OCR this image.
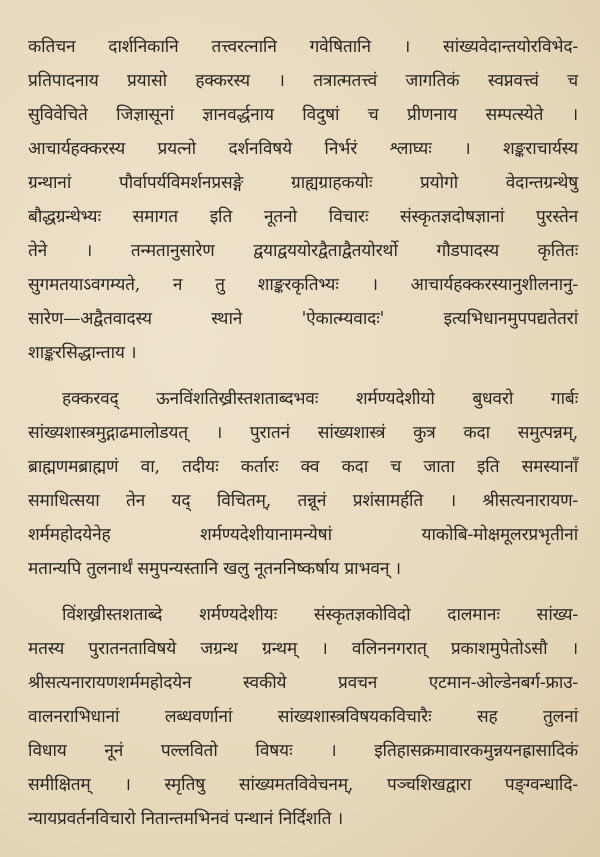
कतिचन दार्शनिकानि तत्त्वरत्नानि गवेषितानि । सांख्यवेदान्तयोरविभेद-
प्रतिपादनाय प्रयासो हक्करस्य । तत्रात्मतत्त्वं जागतिकं स्वप्नवत्त्वं च
सुविवेचिते जिज्ञासूनां ज्ञानवर्द्धनाय विदुषां च प्रीणनाय सम्पत्स्येते ।
आचार्यहक्करस्य प्रयत्नो दर्शनविषये निर्भरं श्लाघ्यः । शङ्कराचार्यस्य
ग्रन्थानां पौर्वापर्यविमर्शनप्रसङ्गे ग्राह्यग्राहकयोः प्रयोगो वेदान्तग्रन्थेषु
बौद्धग्रन्थेभ्यः समागत इति नूतनो विचारः संस्कृतज्ञदोषज्ञानां पुरस्तेन
तेने । तन्मतानुसारेण द्वयाद्वययोरद्वैताद्वैतयोरर्थो गौडपादस्य कृतितः
सुगमतयाऽवगम्यते, न तु शाङ्करकृतिभ्यः । आचार्यहक्करस्यानुशीलनानु-
सारेण—अद्वैतवादस्य स्थाने 'ऐकात्म्यवादः' इत्यभिधानमुपपद्यतेतरां
शाङ्करसिद्धान्ताय ।
हक्करवद् ऊनविंशतिख्रीस्तशताब्दभवः शर्मण्यदेशीयो बुधवरो गार्बः
सांख्यशास्त्रमुद्गाढमालोडयत् । पुरातनं सांख्यशास्त्रं कुत्र कदा समुत्पन्नम्,
ब्राह्मणमब्राह्मणं वा, तदीयः कर्तारः क्व कदा च जाता इति समस्यानाँ
समाधित्सया तेन यद् विचितम्, तन्नूनं प्रशंसामर्हति । श्रीसत्यनारायण-
शर्ममहोदयेनेह शर्मण्यदेशीयानामन्येषां याकोबि-मोक्षमूलरप्रभृतीनां
मतान्यपि तुलनार्थं समुपन्यस्तानि खलु नूतननिष्कर्षाय प्राभवन् ।
विंशख्रीस्तशताब्दे शर्मण्यदेशीयः संस्कृतज्ञकोविदो दालमानः सांख्य-
मतस्य पुरातनताविषये जग्रन्थ ग्रन्थम् । वलिननगरात् प्रकाशमुपेतोऽसौ ।
श्रीसत्यनारायणशर्ममहोदयेन स्वकीये प्रवचन एटमान-ओल्डेनबर्ग-फ्राउ-
वालनराभिधानां लब्धवर्णानां सांख्यशास्त्रविषयकविचारैः सह तुलनां
विधाय नूनं पल्लवितो विषयः । इतिहासक्रमावारकमुन्नयनह्रासादिकं
समीक्षितम् । स्मृतिषु सांख्यमतविवेचनम्, पञ्चशिखद्वारा पङ्ग्वन्धादि-
न्यायप्रवर्तनविचारो नितान्तमभिनवं पन्थानं निर्दिशति ।
